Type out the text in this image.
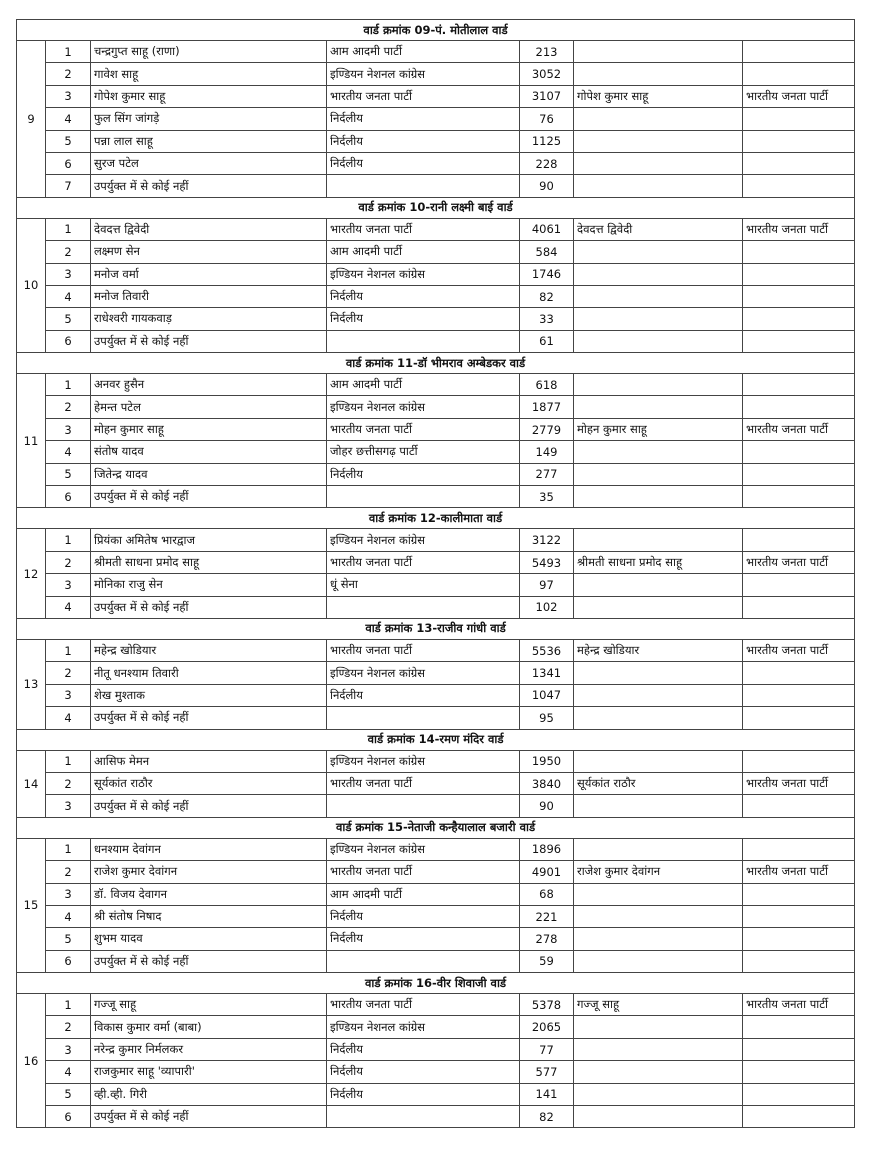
वार्ड क्रमांक 09-पं. मोतीलाल वार्ड						
9	1	चन्द्रगुप्त साहू (राणा)	आम आदमी पार्टी	213		
	2	गावेश साहू	इण्डियन नेशनल कांग्रेस	3052		
	3	गोपेश कुमार साहू	भारतीय जनता पार्टी	3107	गोपेश कुमार साहू	भारतीय जनता पार्टी
	4	फुल सिंग जांगड़े	निर्दलीय	76		
	5	पन्ना लाल साहू	निर्दलीय	1125		
	6	सुरज पटेल	निर्दलीय	228		
	7	उपर्युक्त में से कोई नहीं		90		
वार्ड क्रमांक 10-रानी लक्ष्मी बाई वार्ड						
10	1	देवदत्त द्विवेदी	भारतीय जनता पार्टी	4061	देवदत्त द्विवेदी	भारतीय जनता पार्टी
	2	लक्ष्मण सेन	आम आदमी पार्टी	584		
	3	मनोज वर्मा	इण्डियन नेशनल कांग्रेस	1746		
	4	मनोज तिवारी	निर्दलीय	82		
	5	राधेश्वरी गायकवाड़	निर्दलीय	33		
	6	उपर्युक्त में से कोई नहीं		61		
वार्ड क्रमांक 11-डॉ भीमराव अम्बेडकर वार्ड						
11	1	अनवर हुसैन	आम आदमी पार्टी	618		
	2	हेमन्त पटेल	इण्डियन नेशनल कांग्रेस	1877		
	3	मोहन कुमार साहू	भारतीय जनता पार्टी	2779	मोहन कुमार साहू	भारतीय जनता पार्टी
	4	संतोष यादव	जोहर छत्तीसगढ़ पार्टी	149		
	5	जितेन्द्र यादव	निर्दलीय	277		
	6	उपर्युक्त में से कोई नहीं		35		
वार्ड क्रमांक 12-कालीमाता वार्ड						
12	1	प्रियंका अमितेष भारद्वाज	इण्डियन नेशनल कांग्रेस	3122		
	2	श्रीमती साधना प्रमोद साहू	भारतीय जनता पार्टी	5493	श्रीमती साधना प्रमोद साहू	भारतीय जनता पार्टी
	3	मोनिका राजु सेन	धूं सेना	97		
	4	उपर्युक्त में से कोई नहीं		102		
वार्ड क्रमांक 13-राजीव गांधी वार्ड						
13	1	महेन्द्र खोडियार	भारतीय जनता पार्टी	5536	महेन्द्र खोडियार	भारतीय जनता पार्टी
	2	नीतू धनश्याम तिवारी	इण्डियन नेशनल कांग्रेस	1341		
	3	शेख मुश्ताक	निर्दलीय	1047		
	4	उपर्युक्त में से कोई नहीं		95		
वार्ड क्रमांक 14-रमण मंदिर वार्ड						
14	1	आसिफ मेमन	इण्डियन नेशनल कांग्रेस	1950		
	2	सूर्यकांत राठौर	भारतीय जनता पार्टी	3840	सूर्यकांत राठौर	भारतीय जनता पार्टी
	3	उपर्युक्त में से कोई नहीं		90		
वार्ड क्रमांक 15-नेताजी कन्हैयालाल बजारी वार्ड						
15	1	धनश्याम देवांगन	इण्डियन नेशनल कांग्रेस	1896		
	2	राजेश कुमार देवांगन	भारतीय जनता पार्टी	4901	राजेश कुमार देवांगन	भारतीय जनता पार्टी
	3	डॉ. विजय देवागन	आम आदमी पार्टी	68		
	4	श्री संतोष निषाद	निर्दलीय	221		
	5	शुभम यादव	निर्दलीय	278		
	6	उपर्युक्त में से कोई नहीं		59		
वार्ड क्रमांक 16-वीर शिवाजी वार्ड						
16	1	गज्जू साहू	भारतीय जनता पार्टी	5378	गज्जू साहू	भारतीय जनता पार्टी
	2	विकास कुमार वर्मा (बाबा)	इण्डियन नेशनल कांग्रेस	2065		
	3	नरेन्द्र कुमार निर्मलकर	निर्दलीय	77		
	4	राजकुमार साहू 'व्यापारी'	निर्दलीय	577		
	5	व्ही.व्ही. गिरी	निर्दलीय	141		
	6	उपर्युक्त में से कोई नहीं		82		
